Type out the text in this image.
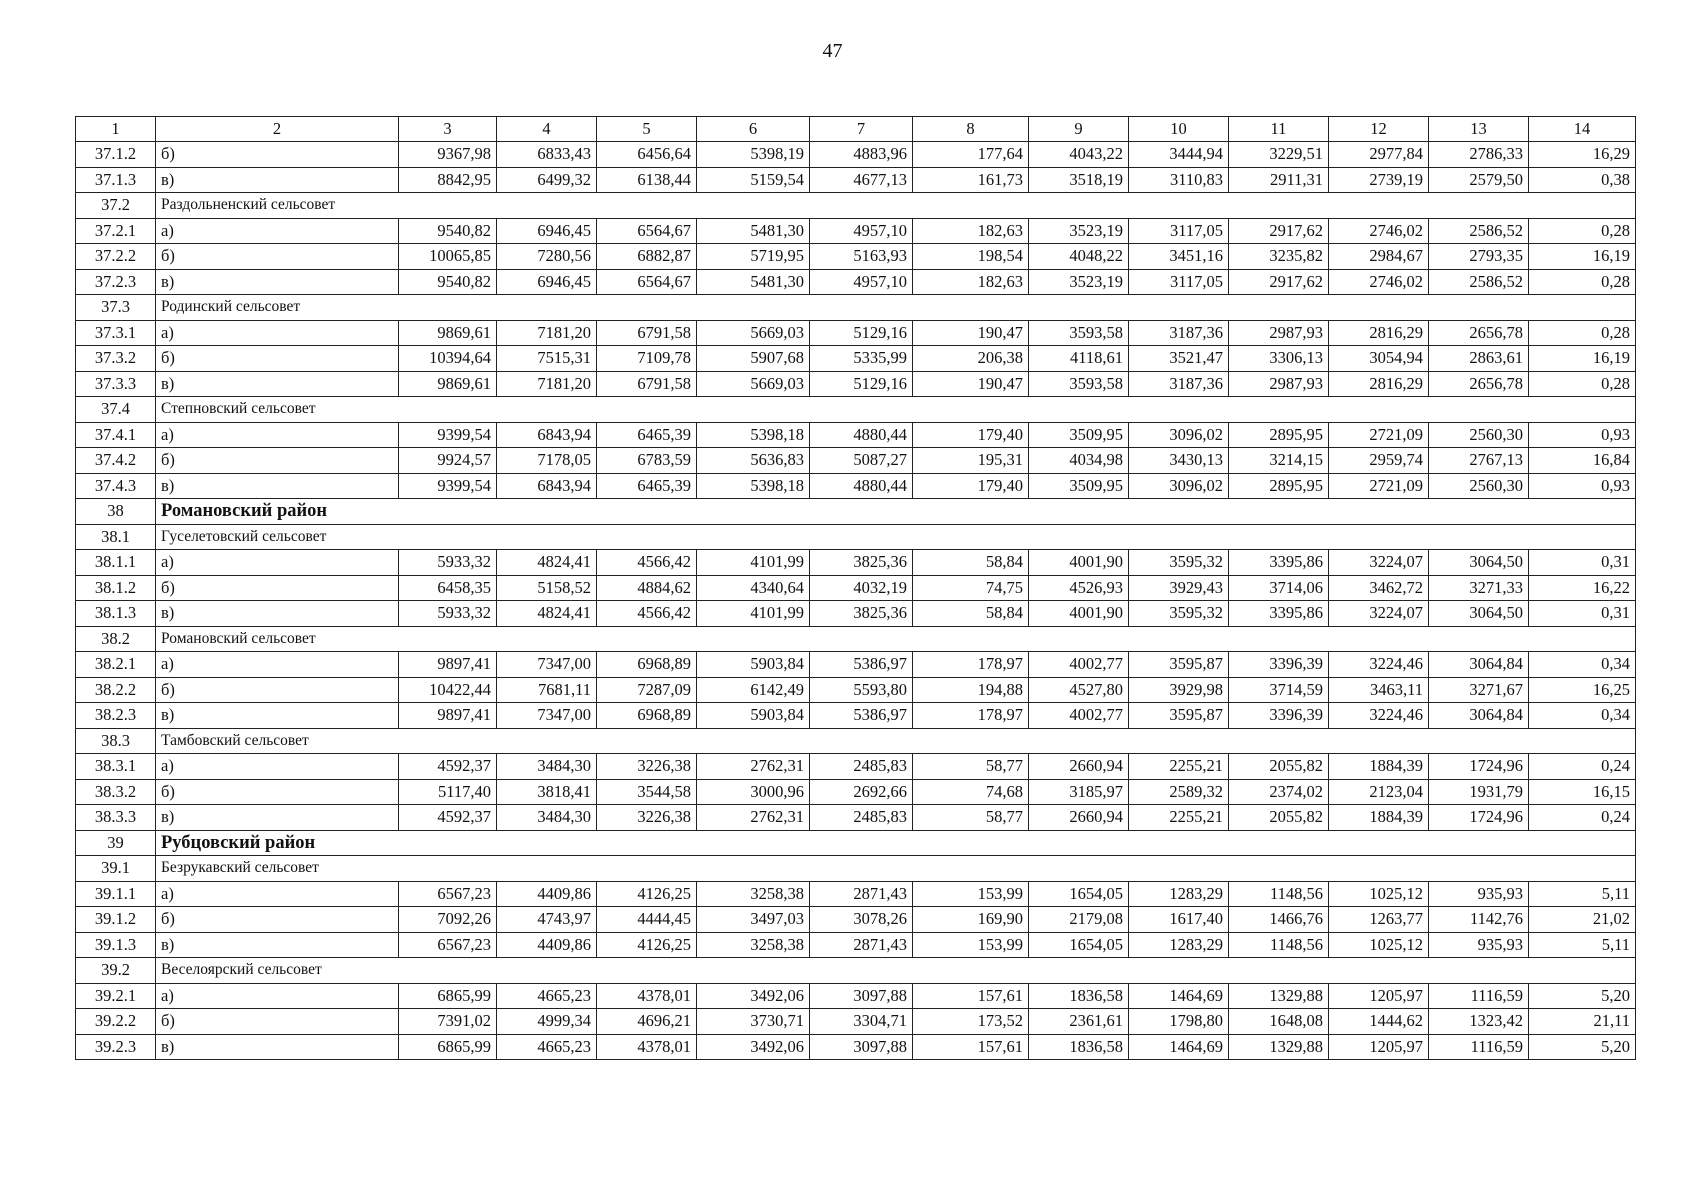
47
1	2	3	4	5	6	7	8	9	10	11	12	13	14
37.1.2	б)	9367,98	6833,43	6456,64	5398,19	4883,96	177,64	4043,22	3444,94	3229,51	2977,84	2786,33	16,29
37.1.3	в)	8842,95	6499,32	6138,44	5159,54	4677,13	161,73	3518,19	3110,83	2911,31	2739,19	2579,50	0,38
37.2	Раздольненский сельсовет												
37.2.1	а)	9540,82	6946,45	6564,67	5481,30	4957,10	182,63	3523,19	3117,05	2917,62	2746,02	2586,52	0,28
37.2.2	б)	10065,85	7280,56	6882,87	5719,95	5163,93	198,54	4048,22	3451,16	3235,82	2984,67	2793,35	16,19
37.2.3	в)	9540,82	6946,45	6564,67	5481,30	4957,10	182,63	3523,19	3117,05	2917,62	2746,02	2586,52	0,28
37.3	Родинский сельсовет												
37.3.1	а)	9869,61	7181,20	6791,58	5669,03	5129,16	190,47	3593,58	3187,36	2987,93	2816,29	2656,78	0,28
37.3.2	б)	10394,64	7515,31	7109,78	5907,68	5335,99	206,38	4118,61	3521,47	3306,13	3054,94	2863,61	16,19
37.3.3	в)	9869,61	7181,20	6791,58	5669,03	5129,16	190,47	3593,58	3187,36	2987,93	2816,29	2656,78	0,28
37.4	Степновский сельсовет												
37.4.1	а)	9399,54	6843,94	6465,39	5398,18	4880,44	179,40	3509,95	3096,02	2895,95	2721,09	2560,30	0,93
37.4.2	б)	9924,57	7178,05	6783,59	5636,83	5087,27	195,31	4034,98	3430,13	3214,15	2959,74	2767,13	16,84
37.4.3	в)	9399,54	6843,94	6465,39	5398,18	4880,44	179,40	3509,95	3096,02	2895,95	2721,09	2560,30	0,93
38	Романовский район												
38.1	Гуселетовский сельсовет												
38.1.1	а)	5933,32	4824,41	4566,42	4101,99	3825,36	58,84	4001,90	3595,32	3395,86	3224,07	3064,50	0,31
38.1.2	б)	6458,35	5158,52	4884,62	4340,64	4032,19	74,75	4526,93	3929,43	3714,06	3462,72	3271,33	16,22
38.1.3	в)	5933,32	4824,41	4566,42	4101,99	3825,36	58,84	4001,90	3595,32	3395,86	3224,07	3064,50	0,31
38.2	Романовский сельсовет												
38.2.1	а)	9897,41	7347,00	6968,89	5903,84	5386,97	178,97	4002,77	3595,87	3396,39	3224,46	3064,84	0,34
38.2.2	б)	10422,44	7681,11	7287,09	6142,49	5593,80	194,88	4527,80	3929,98	3714,59	3463,11	3271,67	16,25
38.2.3	в)	9897,41	7347,00	6968,89	5903,84	5386,97	178,97	4002,77	3595,87	3396,39	3224,46	3064,84	0,34
38.3	Тамбовский сельсовет												
38.3.1	а)	4592,37	3484,30	3226,38	2762,31	2485,83	58,77	2660,94	2255,21	2055,82	1884,39	1724,96	0,24
38.3.2	б)	5117,40	3818,41	3544,58	3000,96	2692,66	74,68	3185,97	2589,32	2374,02	2123,04	1931,79	16,15
38.3.3	в)	4592,37	3484,30	3226,38	2762,31	2485,83	58,77	2660,94	2255,21	2055,82	1884,39	1724,96	0,24
39	Рубцовский район												
39.1	Безрукавский сельсовет												
39.1.1	а)	6567,23	4409,86	4126,25	3258,38	2871,43	153,99	1654,05	1283,29	1148,56	1025,12	935,93	5,11
39.1.2	б)	7092,26	4743,97	4444,45	3497,03	3078,26	169,90	2179,08	1617,40	1466,76	1263,77	1142,76	21,02
39.1.3	в)	6567,23	4409,86	4126,25	3258,38	2871,43	153,99	1654,05	1283,29	1148,56	1025,12	935,93	5,11
39.2	Веселоярский сельсовет												
39.2.1	а)	6865,99	4665,23	4378,01	3492,06	3097,88	157,61	1836,58	1464,69	1329,88	1205,97	1116,59	5,20
39.2.2	б)	7391,02	4999,34	4696,21	3730,71	3304,71	173,52	2361,61	1798,80	1648,08	1444,62	1323,42	21,11
39.2.3	в)	6865,99	4665,23	4378,01	3492,06	3097,88	157,61	1836,58	1464,69	1329,88	1205,97	1116,59	5,20
